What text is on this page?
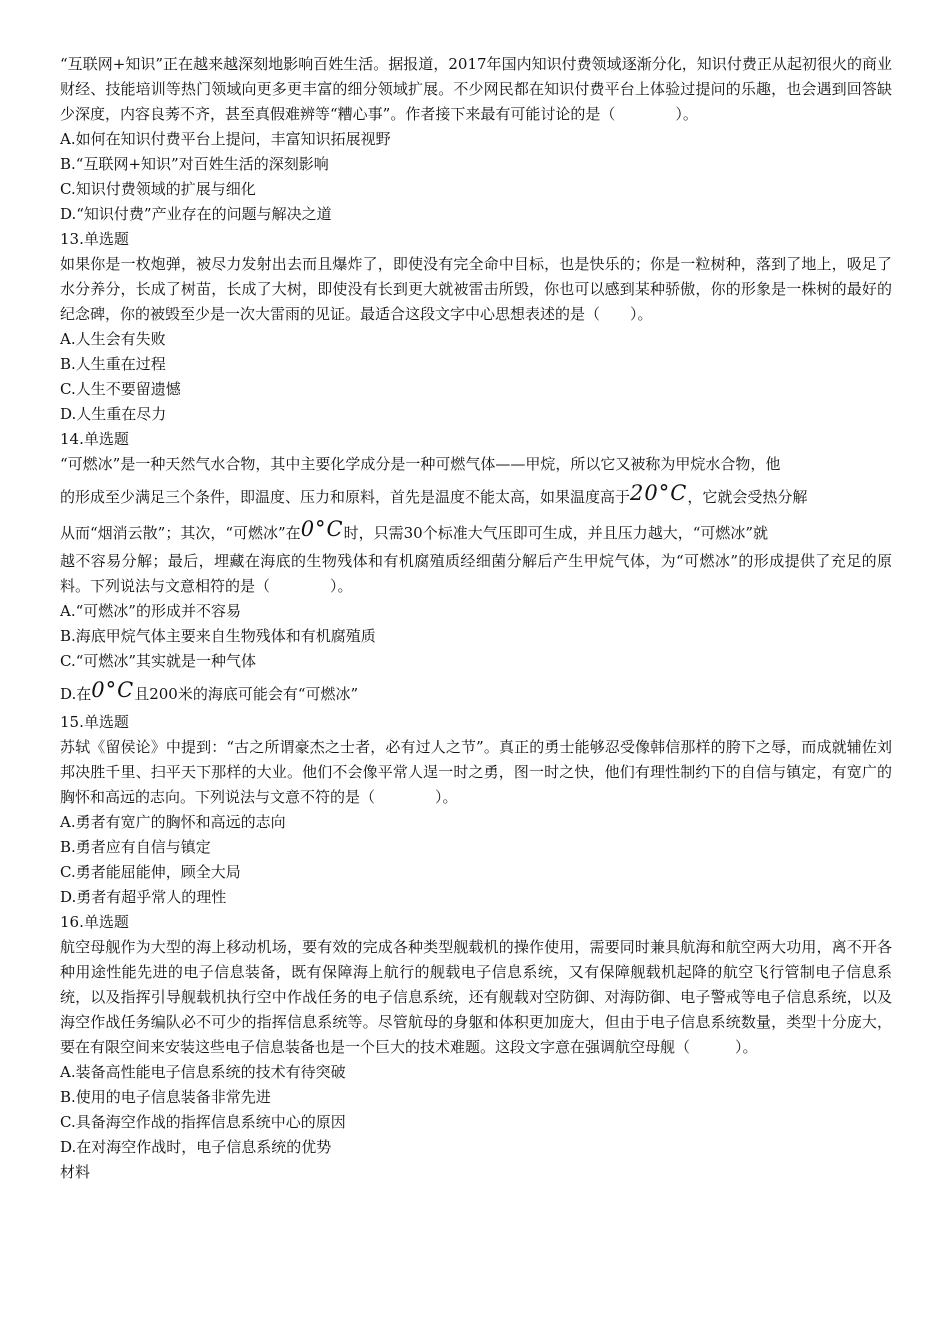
“互联网+知识”正在越来越深刻地影响百姓生活。据报道，2017年国内知识付费领域逐渐分化，知识付费正从起初很火的商业财经、技能培训等热门领域向更多更丰富的细分领域扩展。不少网民都在知识付费平台上体验过提问的乐趣，也会遇到回答缺少深度，内容良莠不齐，甚至真假难辨等“糟心事”。作者接下来最有可能讨论的是（　　　　）。

A.如何在知识付费平台上提问，丰富知识拓展视野

B.“互联网+知识”对百姓生活的深刻影响

C.知识付费领域的扩展与细化

D.“知识付费”产业存在的问题与解决之道

13.单选题

如果你是一枚炮弹，被尽力发射出去而且爆炸了，即使没有完全命中目标，也是快乐的；你是一粒树种，落到了地上，吸足了水分养分，长成了树苗，长成了大树，即使没有长到更大就被雷击所毁，你也可以感到某种骄傲，你的形象是一株树的最好的纪念碑，你的被毁至少是一次大雷雨的见证。最适合这段文字中心思想表述的是（　　）。

A.人生会有失败

B.人生重在过程

C.人生不要留遗憾

D.人生重在尽力

14.单选题

“可燃冰”是一种天然气水合物，其中主要化学成分是一种可燃气体——甲烷，所以它又被称为甲烷水合物，他

的形成至少满足三个条件，即温度、压力和原料，首先是温度不能太高，如果温度高于20°C，它就会受热分解

从而“烟消云散”；其次，“可燃冰”在0°C时，只需30个标准大气压即可生成，并且压力越大，“可燃冰”就

越不容易分解；最后，埋藏在海底的生物残体和有机腐殖质经细菌分解后产生甲烷气体，为“可燃冰”的形成提供了充足的原料。下列说法与文意相符的是（　　　　）。

A.“可燃冰”的形成并不容易

B.海底甲烷气体主要来自生物残体和有机腐殖质

C.“可燃冰”其实就是一种气体

D.在0°C且200米的海底可能会有“可燃冰”

15.单选题

苏轼《留侯论》中提到：“古之所谓豪杰之士者，必有过人之节”。真正的勇士能够忍受像韩信那样的胯下之辱，而成就辅佐刘邦决胜千里、扫平天下那样的大业。他们不会像平常人逞一时之勇，图一时之快，他们有理性制约下的自信与镇定，有宽广的胸怀和高远的志向。下列说法与文意不符的是（　　　　）。

A.勇者有宽广的胸怀和高远的志向

B.勇者应有自信与镇定

C.勇者能屈能伸，顾全大局

D.勇者有超乎常人的理性

16.单选题

航空母舰作为大型的海上移动机场，要有效的完成各种类型舰载机的操作使用，需要同时兼具航海和航空两大功用，离不开各种用途性能先进的电子信息装备，既有保障海上航行的舰载电子信息系统，又有保障舰载机起降的航空飞行管制电子信息系统，以及指挥引导舰载机执行空中作战任务的电子信息系统，还有舰载对空防御、对海防御、电子警戒等电子信息系统，以及海空作战任务编队必不可少的指挥信息系统等。尽管航母的身躯和体积更加庞大，但由于电子信息系统数量，类型十分庞大，要在有限空间来安装这些电子信息装备也是一个巨大的技术难题。这段文字意在强调航空母舰（　　　）。

A.装备高性能电子信息系统的技术有待突破

B.使用的电子信息装备非常先进

C.具备海空作战的指挥信息系统中心的原因

D.在对海空作战时，电子信息系统的优势

材料
